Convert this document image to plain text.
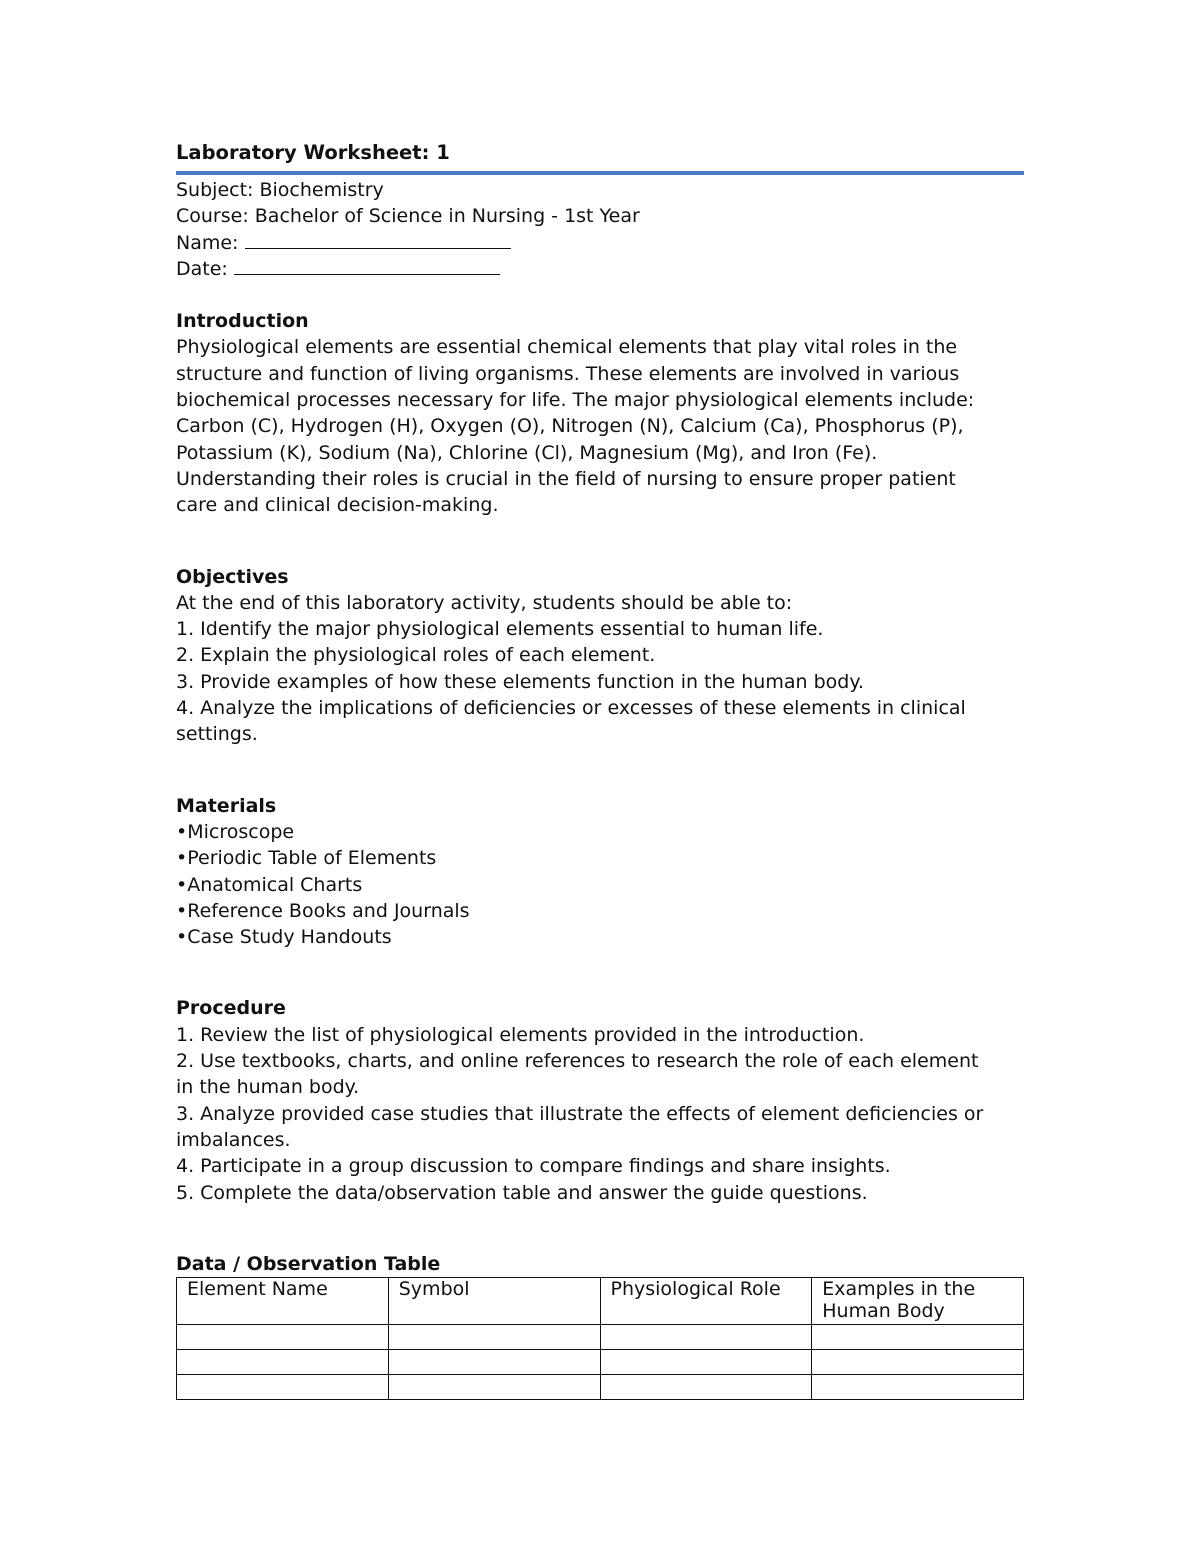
Laboratory Worksheet: 1

Subject: Biochemistry

Course: Bachelor of Science in Nursing - 1st Year

Name:

Date:

Introduction

Physiological elements are essential chemical elements that play vital roles in the

structure and function of living organisms. These elements are involved in various

biochemical processes necessary for life. The major physiological elements include:

Carbon (C), Hydrogen (H), Oxygen (O), Nitrogen (N), Calcium (Ca), Phosphorus (P),

Potassium (K), Sodium (Na), Chlorine (Cl), Magnesium (Mg), and Iron (Fe).

Understanding their roles is crucial in the field of nursing to ensure proper patient

care and clinical decision-making.

Objectives

At the end of this laboratory activity, students should be able to:

1. Identify the major physiological elements essential to human life.

2. Explain the physiological roles of each element.

3. Provide examples of how these elements function in the human body.

4. Analyze the implications of deficiencies or excesses of these elements in clinical

settings.

Materials

• Microscope
• Periodic Table of Elements
• Anatomical Charts
• Reference Books and Journals
• Case Study Handouts

Procedure

1. Review the list of physiological elements provided in the introduction.

2. Use textbooks, charts, and online references to research the role of each element

in the human body.

3. Analyze provided case studies that illustrate the effects of element deficiencies or

imbalances.

4. Participate in a group discussion to compare findings and share insights.

5. Complete the data/observation table and answer the guide questions.

Data / Observation Table

Element Name	Symbol	Physiological Role	Examples in the Human Body
